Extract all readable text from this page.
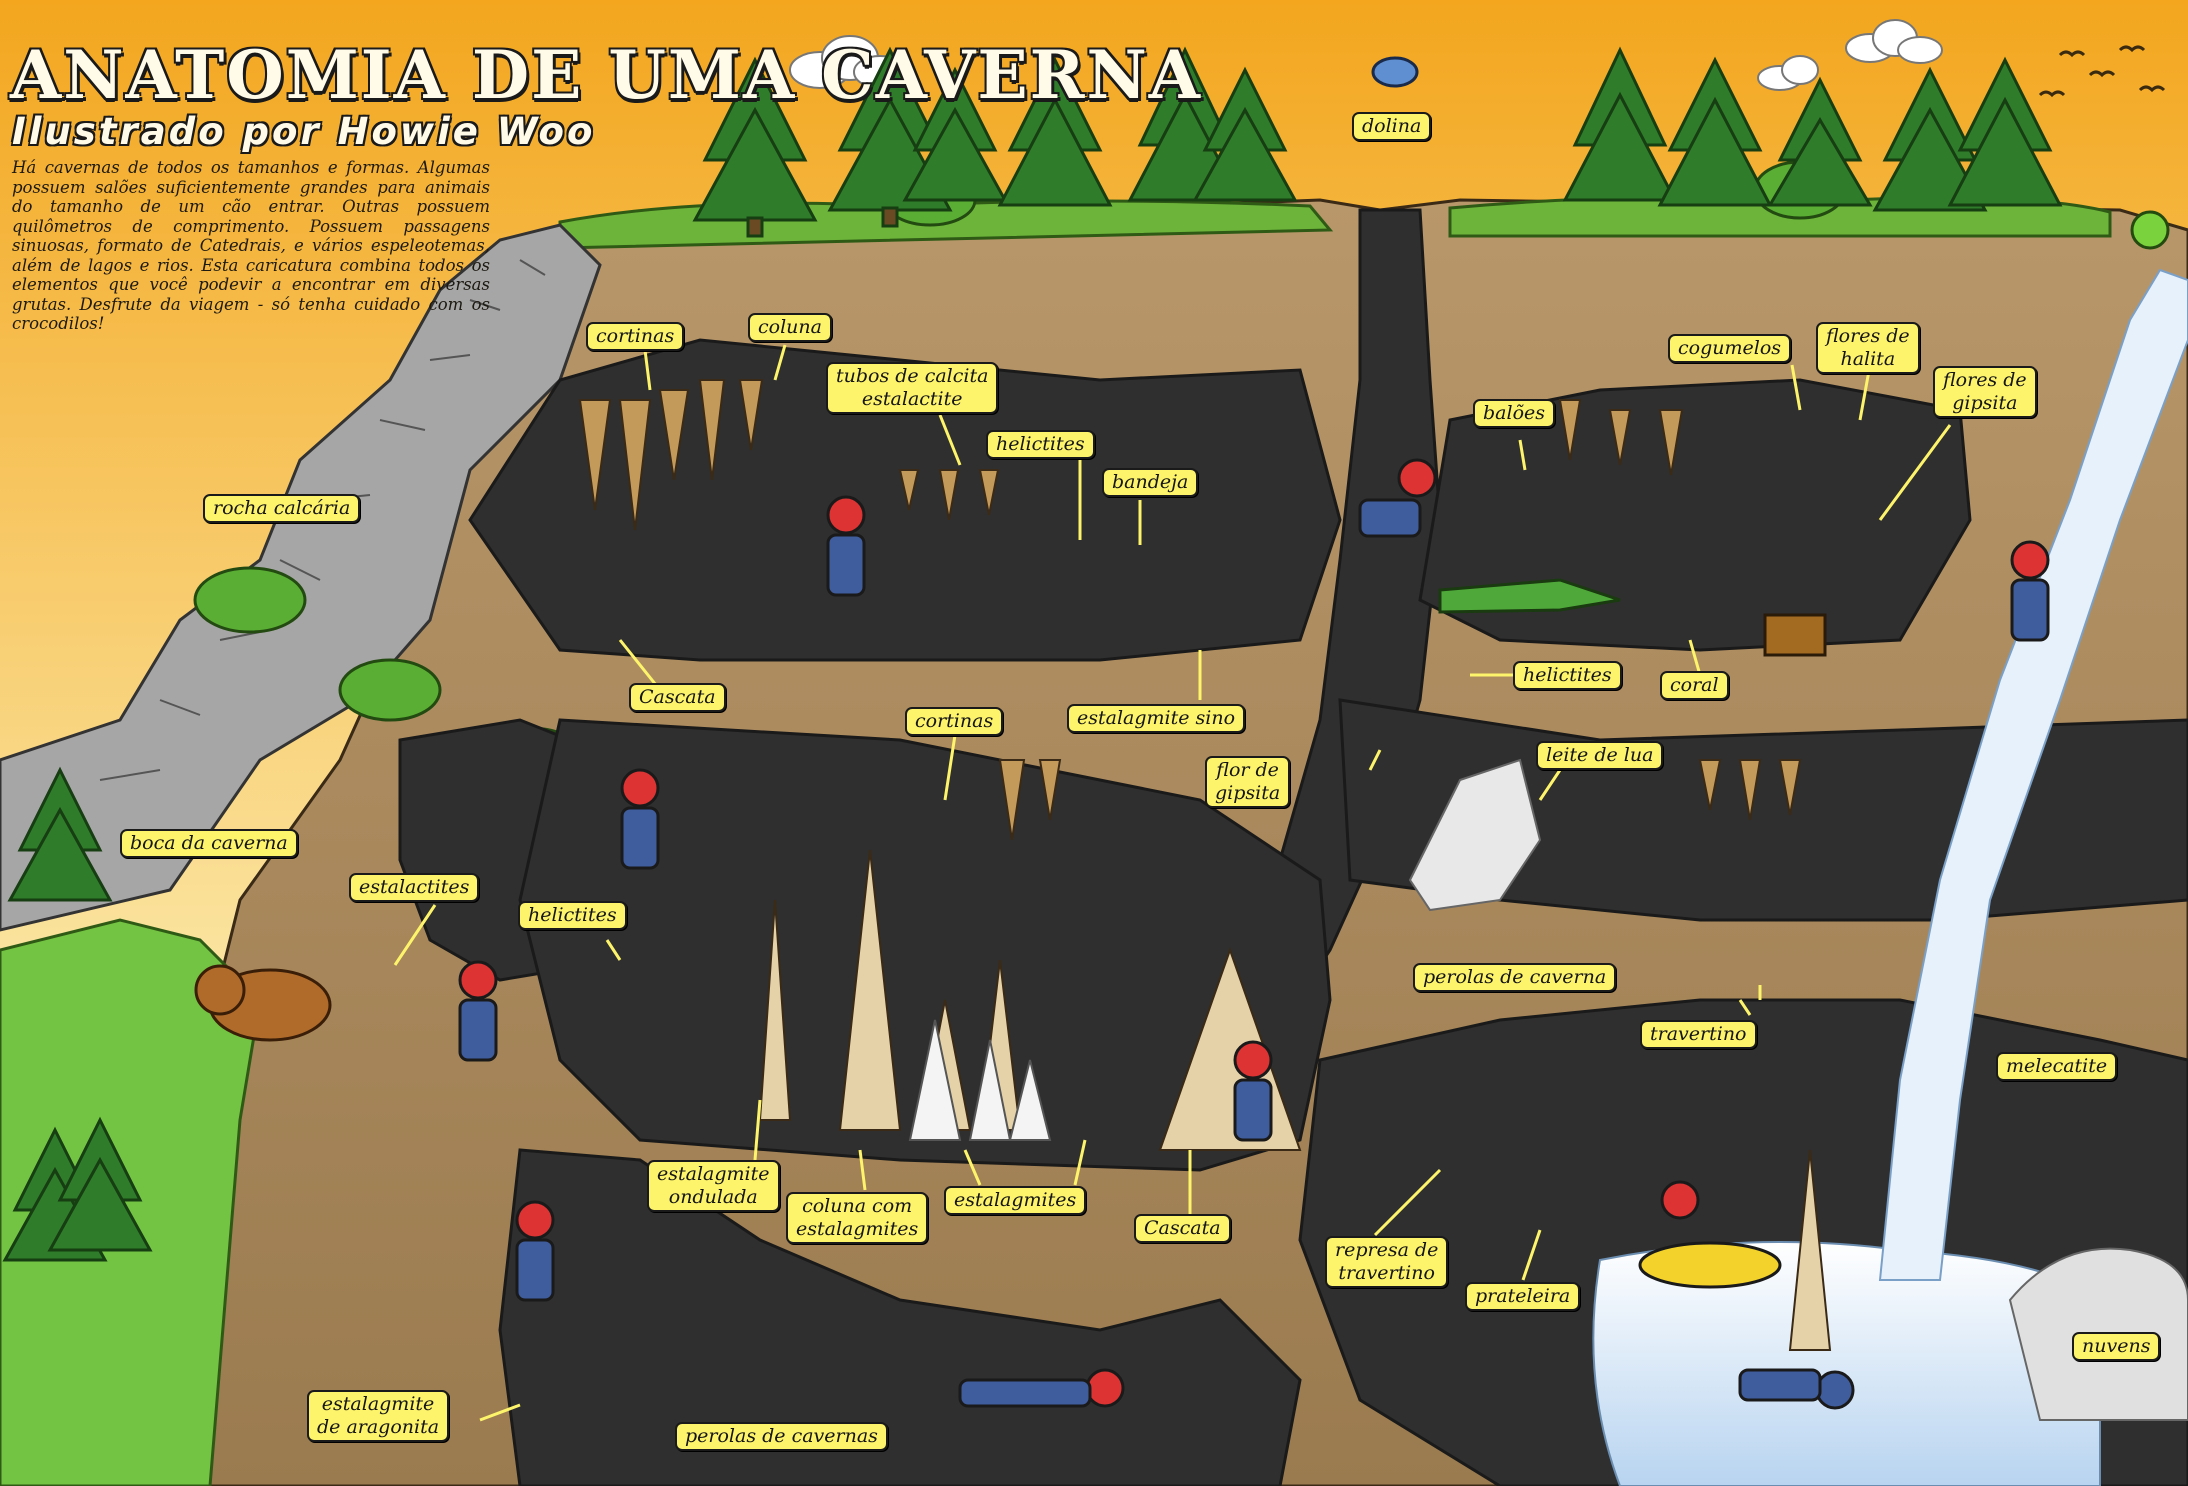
ANATOMIA DE UMA CAVERNA
Ilustrado por Howie Woo
Há cavernas de todos os tamanhos e formas. Algumas possuem salões suficientemente grandes para animais do tamanho de um cão entrar. Outras possuem quilômetros de comprimento. Possuem passagens sinuosas, formato de Catedrais, e vários espeleotemas, além de lagos e rios. Esta caricatura combina todos os elementos que você podevir a encontrar em diversas grutas. Desfrute da viagem - só tenha cuidado com os crocodilos!
cortinas	coluna
tubos de calcita
estalactite
helictites
bandeja
rocha calcária
Cascata
cortinas	estalagmite sino
flor de
gipsita
boca da caverna
estalactites
helictites
dolina
balões
cogumelos
flores de
halita
flores de
gipsita
helictites	coral
leite de lua
perolas de caverna
travertino
melecatite
estalagmite
ondulada	coluna com
estalagmites
estalagmites
Cascata
represa de
travertino
prateleira
nuvens
estalagmite
de aragonita	perolas de cavernas
